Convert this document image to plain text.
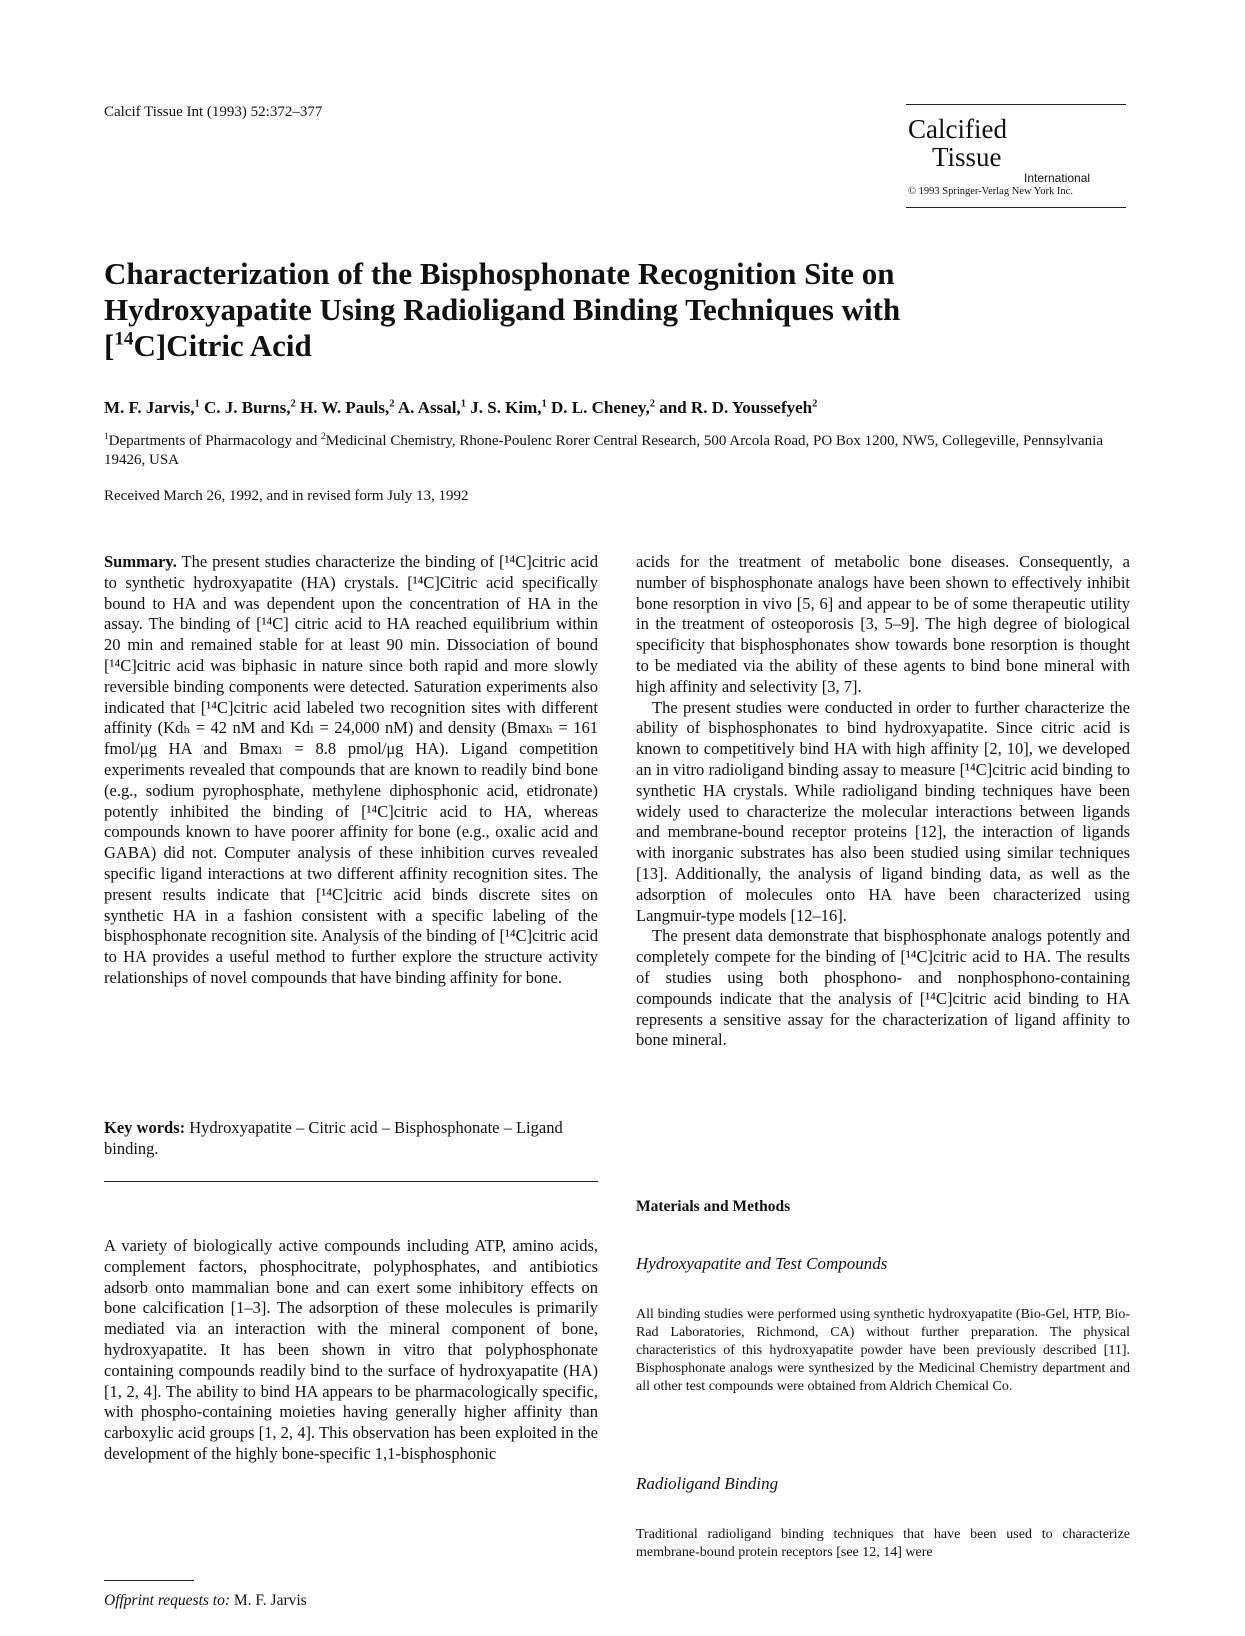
Calcif Tissue Int (1993) 52:372–377
Calcified
Tissue
International
© 1993 Springer-Verlag New York Inc.
Characterization of the Bisphosphonate Recognition Site on
Hydroxyapatite Using Radioligand Binding Techniques with
[$^{14}$C]Citric Acid
M. F. Jarvis,$^1$ C. J. Burns,$^2$ H. W. Pauls,$^2$ A. Assal,$^1$ J. S. Kim,$^1$ D. L. Cheney,$^2$ and R. D. Youssefyeh$^2$
$^1$Departments of Pharmacology and $^2$Medicinal Chemistry, Rhone-Poulenc Rorer Central Research, 500 Arcola Road, PO Box 1200, NW5, Collegeville, Pennsylvania 19426, USA
Received March 26, 1992, and in revised form July 13, 1992

Summary. The present studies characterize the binding of [¹⁴C]citric acid to synthetic hydroxyapatite (HA) crystals. [¹⁴C]Citric acid specifically bound to HA and was dependent upon the concentration of HA in the assay. The binding of [¹⁴C] citric acid to HA reached equilibrium within 20 min and remained stable for at least 90 min. Dissociation of bound [¹⁴C]citric acid was biphasic in nature since both rapid and more slowly reversible binding components were detected. Saturation experiments also indicated that [¹⁴C]citric acid labeled two recognition sites with different affinity (Kdₕ = 42 nM and Kdₗ = 24,000 nM) and density (Bmaxₕ = 161 fmol/μg HA and Bmaxₗ = 8.8 pmol/μg HA). Ligand competition experiments revealed that compounds that are known to readily bind bone (e.g., sodium pyrophosphate, methylene diphosphonic acid, etidronate) potently inhibited the binding of [¹⁴C]citric acid to HA, whereas compounds known to have poorer affinity for bone (e.g., oxalic acid and GABA) did not. Computer analysis of these inhibition curves revealed specific ligand interactions at two different affinity recognition sites. The present results indicate that [¹⁴C]citric acid binds discrete sites on synthetic HA in a fashion consistent with a specific labeling of the bisphosphonate recognition site. Analysis of the binding of [¹⁴C]citric acid to HA provides a useful method to further explore the structure activity relationships of novel compounds that have binding affinity for bone.

Key words: Hydroxyapatite – Citric acid – Bisphosphonate – Ligand binding.

A variety of biologically active compounds including ATP, amino acids, complement factors, phosphocitrate, polyphosphates, and antibiotics adsorb onto mammalian bone and can exert some inhibitory effects on bone calcification [1–3]. The adsorption of these molecules is primarily mediated via an interaction with the mineral component of bone, hydroxyapatite. It has been shown in vitro that polyphosphonate containing compounds readily bind to the surface of hydroxyapatite (HA) [1, 2, 4]. The ability to bind HA appears to be pharmacologically specific, with phospho-containing moieties having generally higher affinity than carboxylic acid groups [1, 2, 4]. This observation has been exploited in the development of the highly bone-specific 1,1-bisphosphonic

Offprint requests to: M. F. Jarvis

acids for the treatment of metabolic bone diseases. Consequently, a number of bisphosphonate analogs have been shown to effectively inhibit bone resorption in vivo [5, 6] and appear to be of some therapeutic utility in the treatment of osteoporosis [3, 5–9]. The high degree of biological specificity that bisphosphonates show towards bone resorption is thought to be mediated via the ability of these agents to bind bone mineral with high affinity and selectivity [3, 7].

The present studies were conducted in order to further characterize the ability of bisphosphonates to bind hydroxyapatite. Since citric acid is known to competitively bind HA with high affinity [2, 10], we developed an in vitro radioligand binding assay to measure [¹⁴C]citric acid binding to synthetic HA crystals. While radioligand binding techniques have been widely used to characterize the molecular interactions between ligands and membrane-bound receptor proteins [12], the interaction of ligands with inorganic substrates has also been studied using similar techniques [13]. Additionally, the analysis of ligand binding data, as well as the adsorption of molecules onto HA have been characterized using Langmuir-type models [12–16].

The present data demonstrate that bisphosphonate analogs potently and completely compete for the binding of [¹⁴C]citric acid to HA. The results of studies using both phosphono- and nonphosphono-containing compounds indicate that the analysis of [¹⁴C]citric acid binding to HA represents a sensitive assay for the characterization of ligand affinity to bone mineral.

Materials and Methods
Hydroxyapatite and Test Compounds
All binding studies were performed using synthetic hydroxyapatite (Bio-Gel, HTP, Bio-Rad Laboratories, Richmond, CA) without further preparation. The physical characteristics of this hydroxyapatite powder have been previously described [11]. Bisphosphonate analogs were synthesized by the Medicinal Chemistry department and all other test compounds were obtained from Aldrich Chemical Co.
Radioligand Binding
Traditional radioligand binding techniques that have been used to characterize membrane-bound protein receptors [see 12, 14] were
